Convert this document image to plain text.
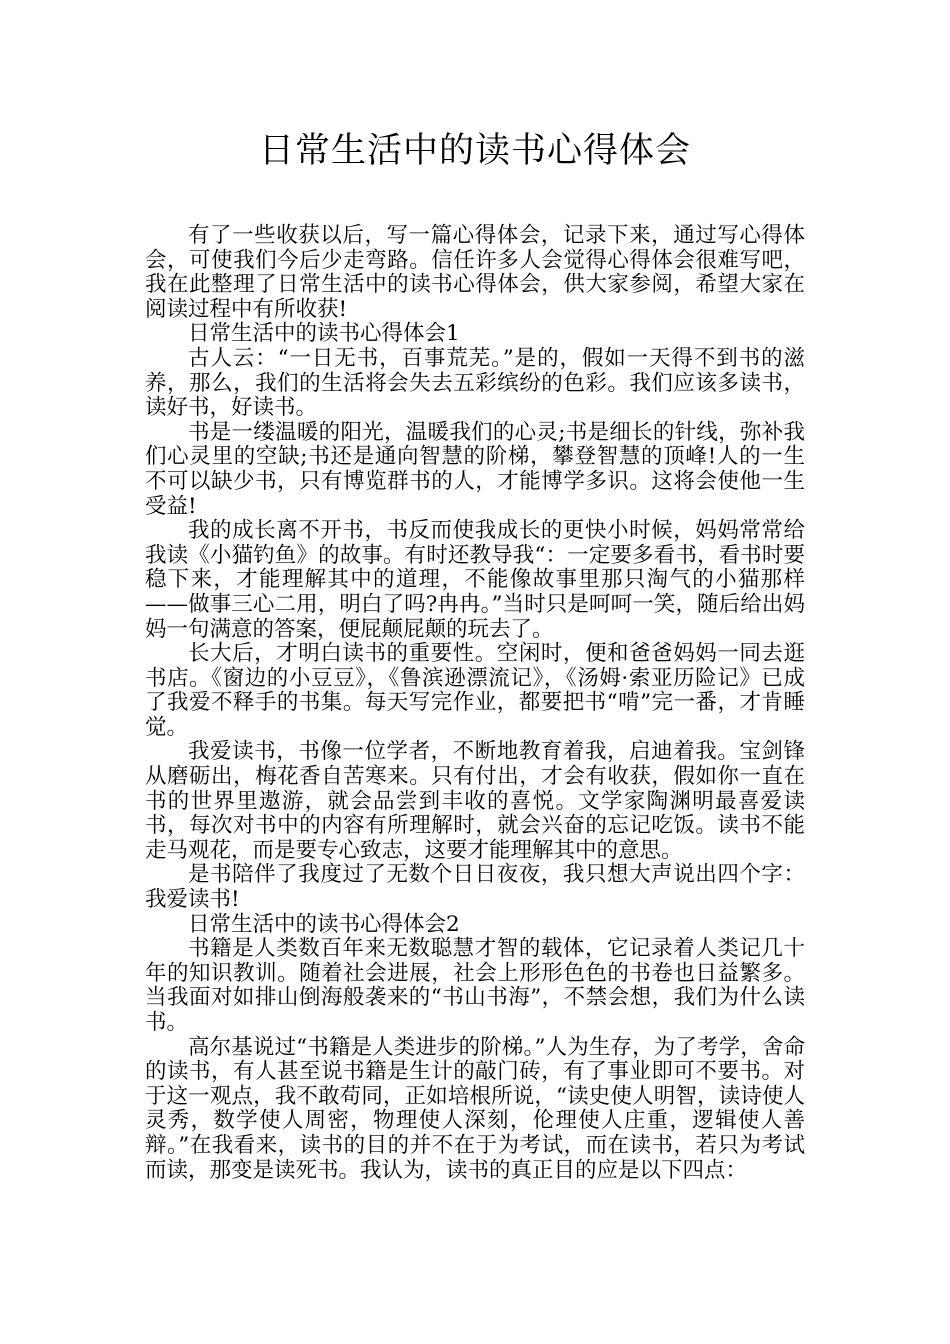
日常生活中的读书心得体会

有了一些收获以后，写一篇心得体会，记录下来，通过写心得体会，可使我们今后少走弯路。信任许多人会觉得心得体会很难写吧，我在此整理了日常生活中的读书心得体会，供大家参阅，希望大家在阅读过程中有所收获!

日常生活中的读书心得体会1

古人云：“一日无书，百事荒芜。”是的，假如一天得不到书的滋养，那么，我们的生活将会失去五彩缤纷的色彩。我们应该多读书，读好书，好读书。

书是一缕温暖的阳光，温暖我们的心灵;书是细长的针线，弥补我们心灵里的空缺;书还是通向智慧的阶梯，攀登智慧的顶峰!人的一生不可以缺少书，只有博览群书的人，才能博学多识。这将会使他一生受益!

我的成长离不开书，书反而使我成长的更快小时候，妈妈常常给我读《小猫钓鱼》的故事。有时还教导我“：一定要多看书，看书时要稳下来，才能理解其中的道理，不能像故事里那只淘气的小猫那样——做事三心二用，明白了吗?冉冉。”当时只是呵呵一笑，随后给出妈妈一句满意的答案，便屁颠屁颠的玩去了。

长大后，才明白读书的重要性。空闲时，便和爸爸妈妈一同去逛书店。《窗边的小豆豆》，《鲁滨逊漂流记》，《汤姆·索亚历险记》已成了我爱不释手的书集。每天写完作业，都要把书“啃”完一番，才肯睡觉。

我爱读书，书像一位学者，不断地教育着我，启迪着我。宝剑锋从磨砺出，梅花香自苦寒来。只有付出，才会有收获，假如你一直在书的世界里遨游，就会品尝到丰收的喜悦。文学家陶渊明最喜爱读书，每次对书中的内容有所理解时，就会兴奋的忘记吃饭。读书不能走马观花，而是要专心致志，这要才能理解其中的意思。

是书陪伴了我度过了无数个日日夜夜，我只想大声说出四个字：我爱读书!

日常生活中的读书心得体会2

书籍是人类数百年来无数聪慧才智的载体，它记录着人类记几十年的知识教训。随着社会进展，社会上形形色色的书卷也日益繁多。当我面对如排山倒海般袭来的“书山书海”，不禁会想，我们为什么读书。

高尔基说过“书籍是人类进步的阶梯。”人为生存，为了考学，舍命的读书，有人甚至说书籍是生计的敲门砖，有了事业即可不要书。对于这一观点，我不敢苟同，正如培根所说，“读史使人明智，读诗使人灵秀，数学使人周密，物理使人深刻，伦理使人庄重，逻辑使人善辩。”在我看来，读书的目的并不在于为考试，而在读书，若只为考试而读，那变是读死书。我认为，读书的真正目的应是以下四点：
